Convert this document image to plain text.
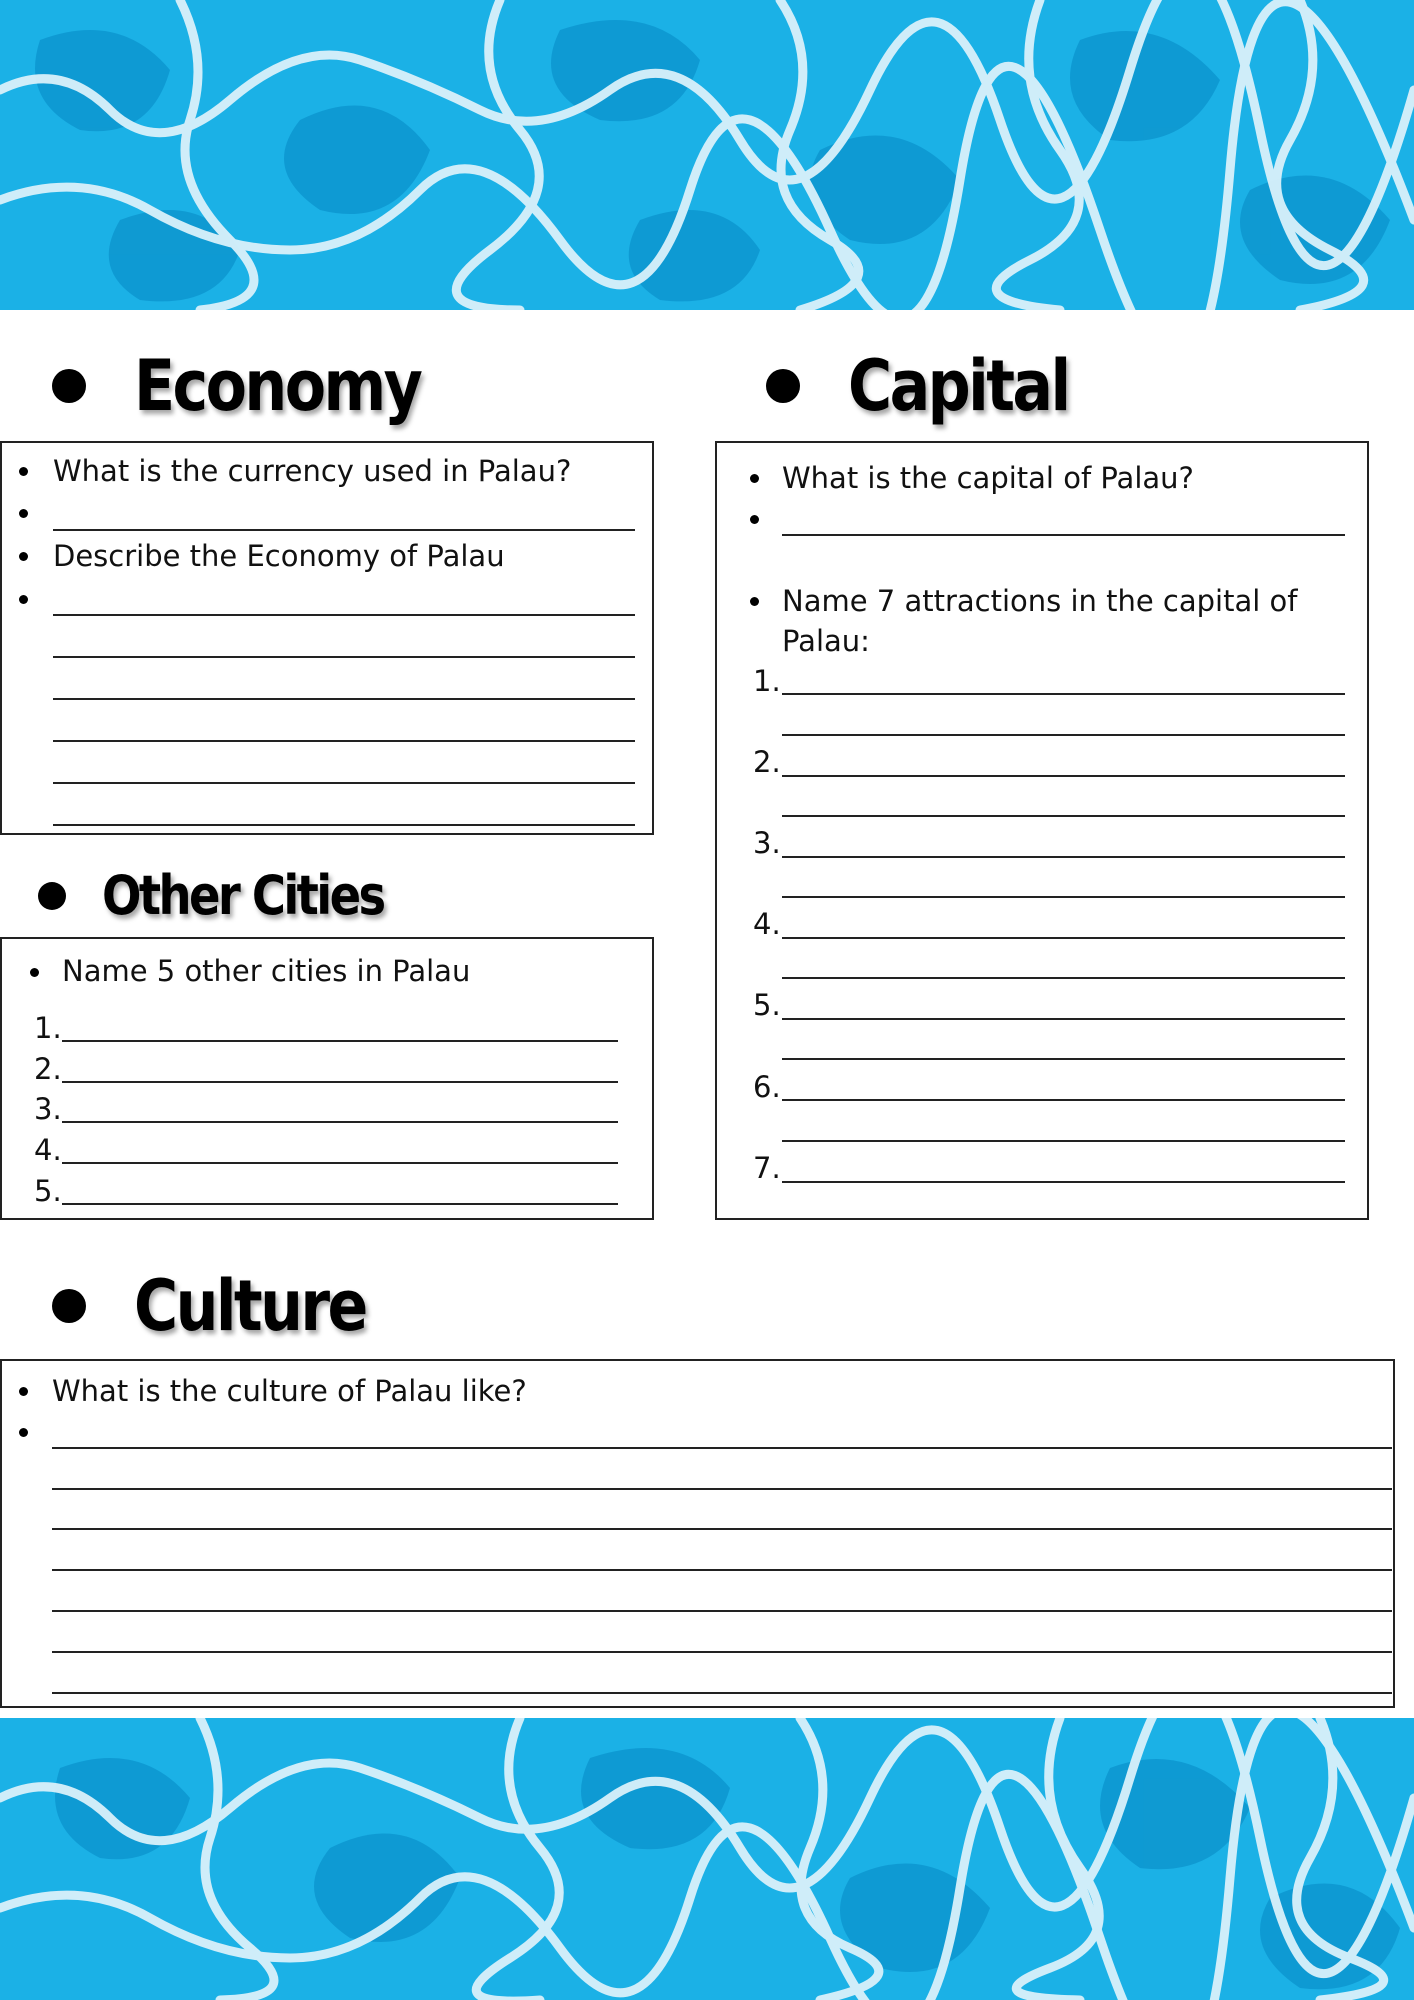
Economy
What is the currency used in Palau?
Describe the Economy of Palau
Capital
What is the capital of Palau?
Name 7 attractions in the capital of Palau:
1.
2.
3.
4.
5.
6.
7.
Other Cities
Name 5 other cities in Palau
1.
2.
3.
4.
5.
Culture
What is the culture of Palau like?
